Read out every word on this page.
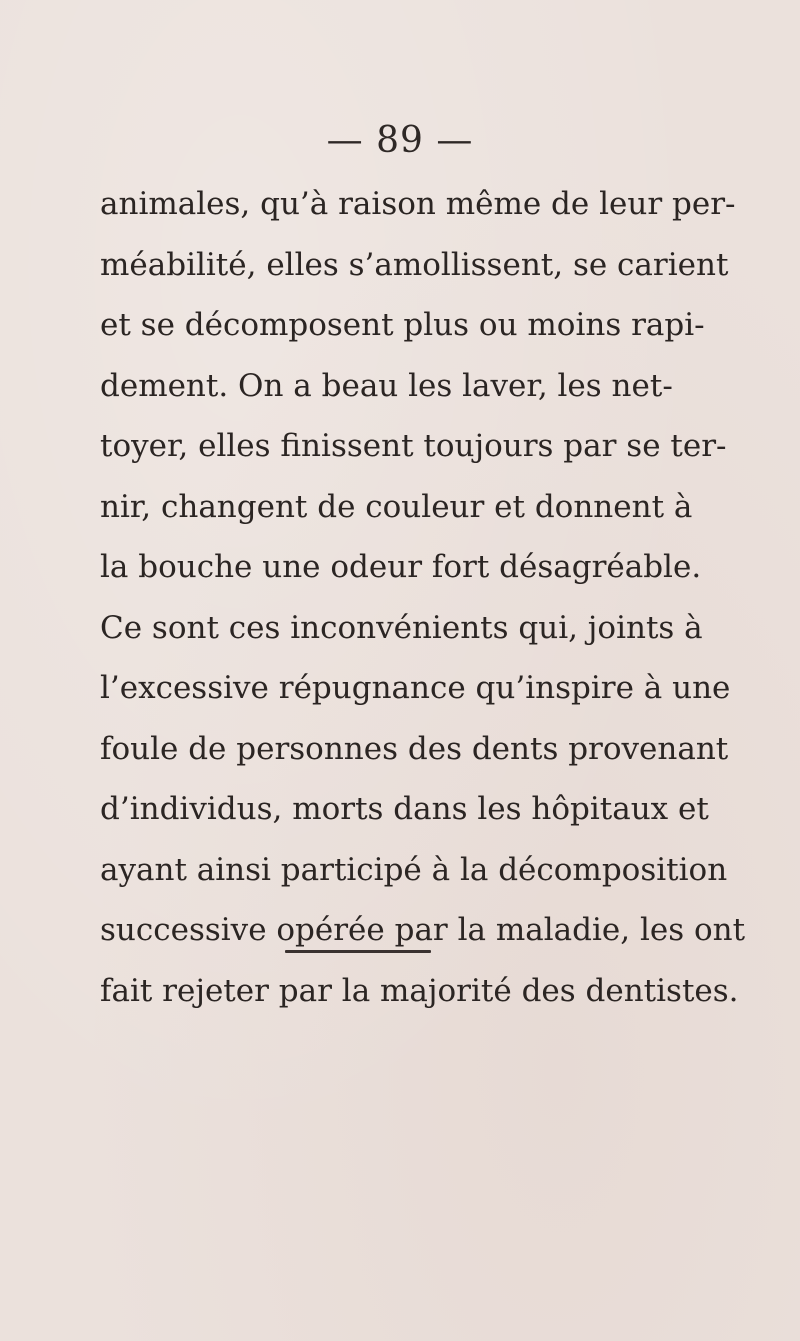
— 89 —
animales, qu’à raison même de leur per-
méabilité, elles s’amollissent, se carient
et se décomposent plus ou moins rapi-
dement. On a beau les laver, les net-
toyer, elles finissent toujours par se ter-
nir, changent de couleur et donnent à
la bouche une odeur fort désagréable.
Ce sont ces inconvénients qui, joints à
l’excessive répugnance qu’inspire à une
foule de personnes des dents provenant
d’individus, morts dans les hôpitaux et
ayant ainsi participé à la décomposition
successive opérée par la maladie, les ont
fait rejeter par la majorité des dentistes.
